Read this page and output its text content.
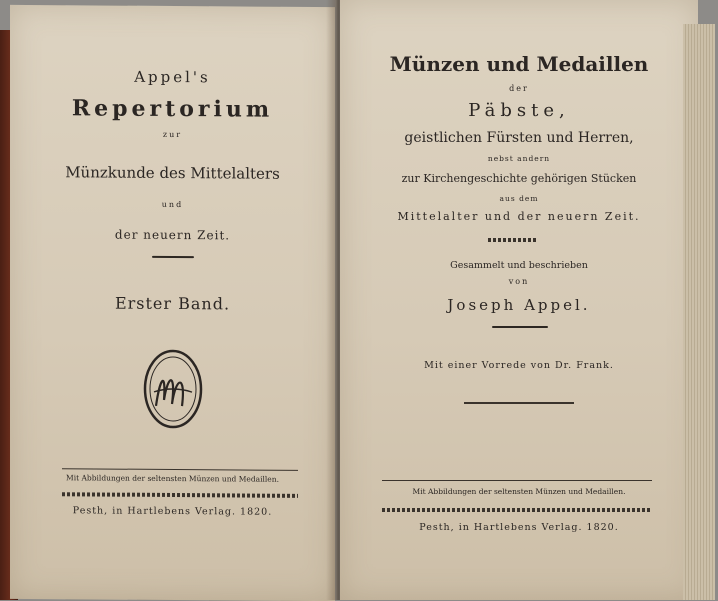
Appel's
Repertorium
zur
Münzkunde des Mittelalters
und
der neuern Zeit.
Erster Band.
Mit Abbildungen der seltensten Münzen und Medaillen.
Pesth, in Hartlebens Verlag. 1820.
Münzen und Medaillen
der
Päbste,
geistlichen Fürsten und Herren,
nebst andern
zur Kirchengeschichte gehörigen Stücken
aus dem
Mittelalter und der neuern Zeit.
Gesammelt und beschrieben
von
Joseph Appel.
Mit einer Vorrede von Dr. Frank.
Mit Abbildungen der seltensten Münzen und Medaillen.
Pesth, in Hartlebens Verlag. 1820.
